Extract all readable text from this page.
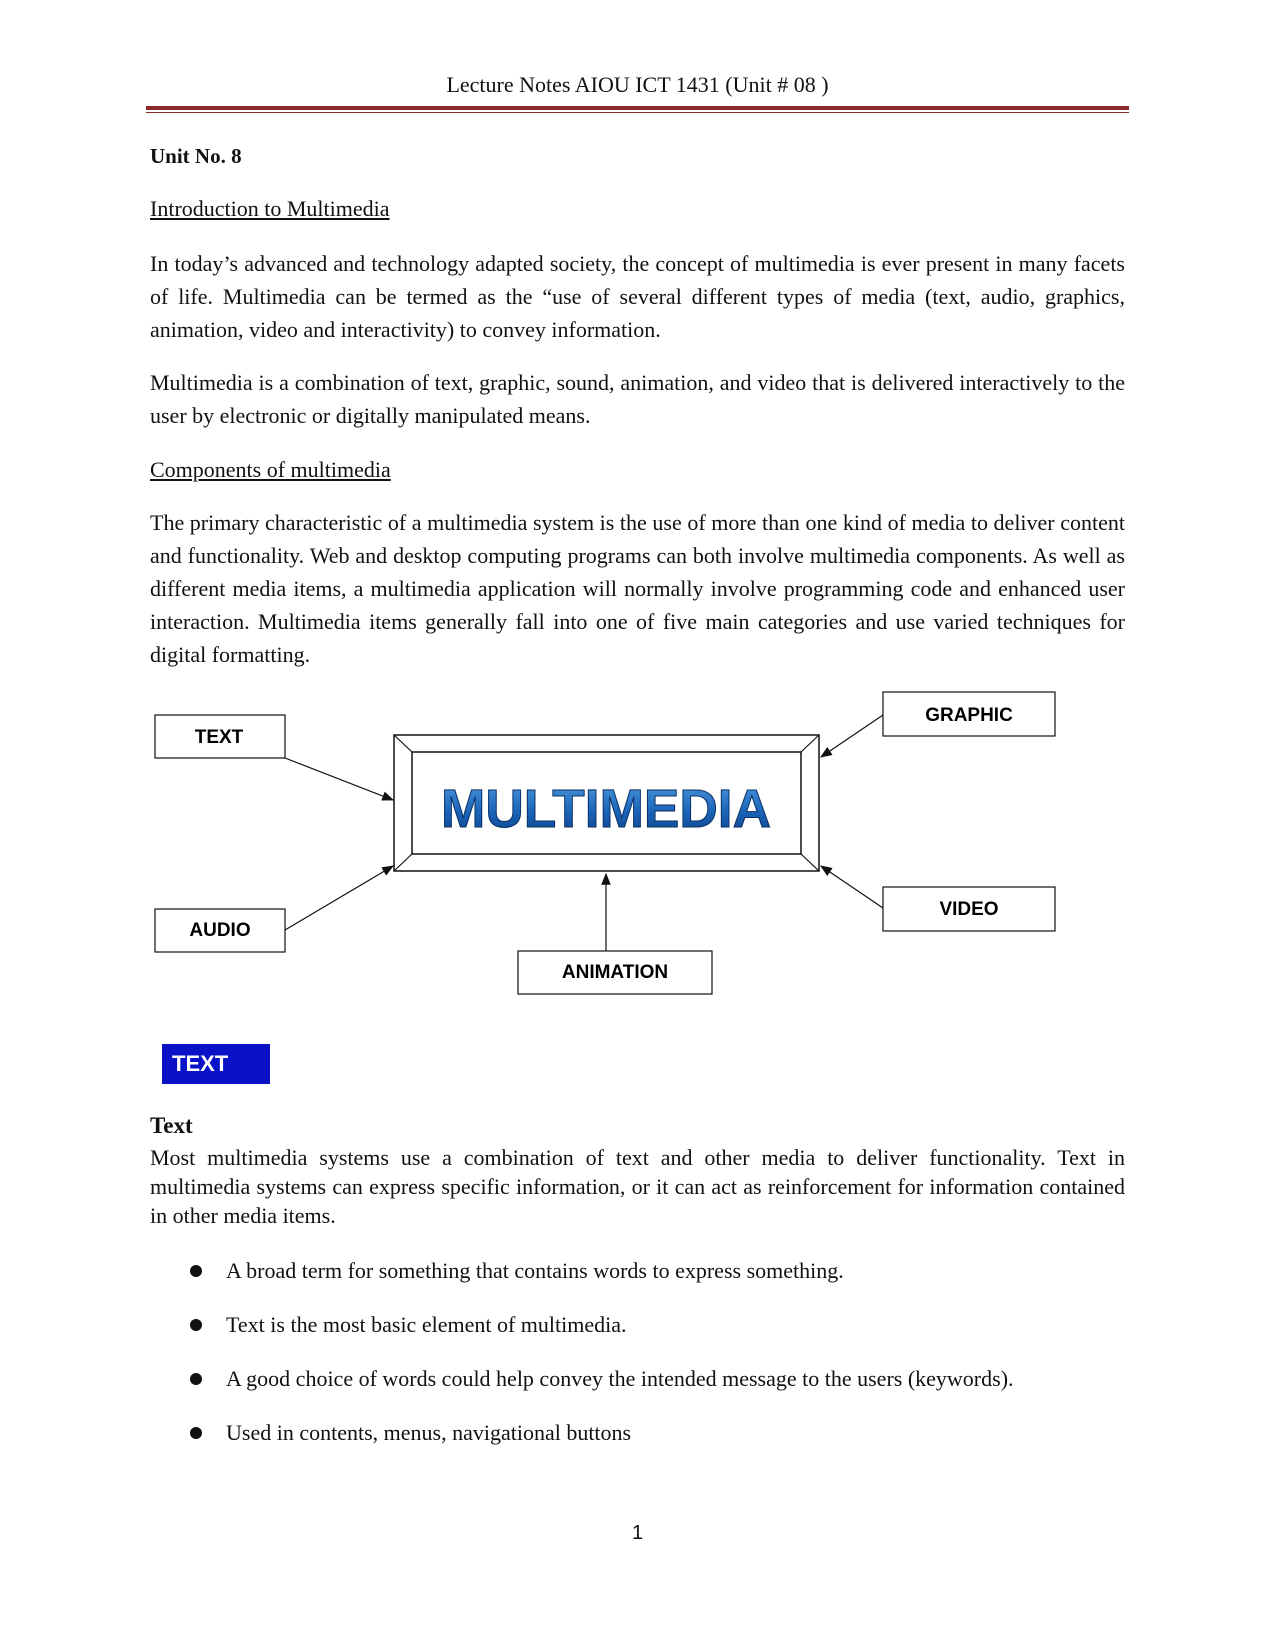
Lecture Notes AIOU ICT 1431 (Unit # 08 )
Unit No. 8
Introduction to Multimedia
In today’s advanced and technology adapted society, the concept of multimedia is ever present in many facets of life. Multimedia can be termed as the “use of several different types of media (text, audio, graphics, animation, video and interactivity) to convey information.
Multimedia is a combination of text, graphic, sound, animation, and video that is delivered interactively to the user by electronic or digitally manipulated means.
Components of multimedia
The primary characteristic of a multimedia system is the use of more than one kind of media to deliver content and functionality. Web and desktop computing programs can both involve multimedia components. As well as different media items, a multimedia application will normally involve programming code and enhanced user interaction. Multimedia items generally fall into one of five main categories and use varied techniques for digital formatting.
MULTIMEDIA
TEXT
GRAPHIC
AUDIO
VIDEO
ANIMATION
TEXT
Text
Most multimedia systems use a combination of text and other media to deliver functionality. Text in multimedia systems can express specific information, or it can act as reinforcement for information contained in other media items.
A broad term for something that contains words to express something.
Text is the most basic element of multimedia.
A good choice of words could help convey the intended message to the users (keywords).
Used in contents, menus, navigational buttons
1
